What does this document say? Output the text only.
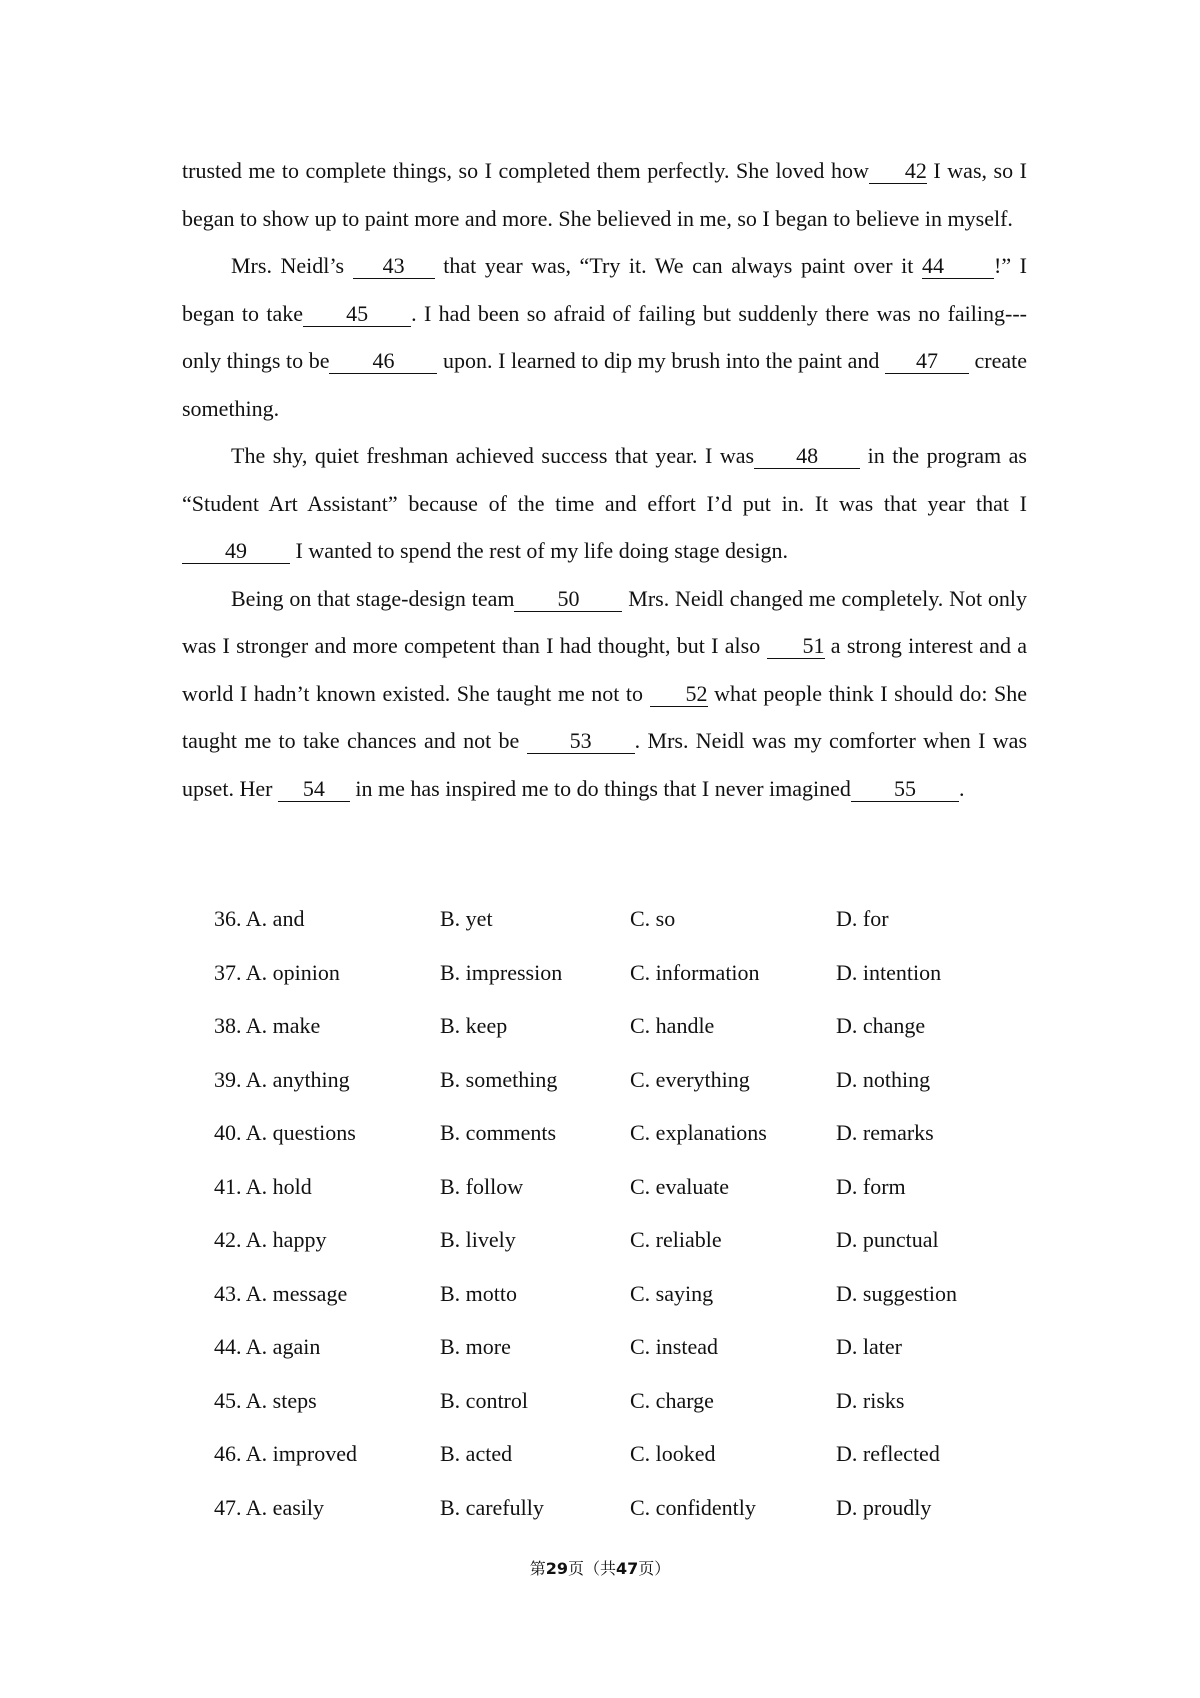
trusted me to complete things, so I completed them perfectly. She loved how 42 I was, so I began to show up to paint more and more. She believed in me, so I began to believe in myself.

Mrs. Neidl’s 43 that year was, “Try it. We can always paint over it 44 !” I began to take 45 . I had been so afraid of failing but suddenly there was no failing---only things to be 46 upon. I learned to dip my brush into the paint and 47 create something.

The shy, quiet freshman achieved success that year. I was 48 in the program as “Student Art Assistant” because of the time and effort I’d put in. It was that year that I49 I wanted to spend the rest of my life doing stage design.

Being on that stage-design team 50 Mrs. Neidl changed me completely. Not only was I stronger and more competent than I had thought, but I also 51 a strong interest and a world I hadn’t known existed. She taught me not to 52 what people think I should do: She taught me to take chances and not be 53 . Mrs. Neidl was my comforter when I was upset. Her 54 in me has inspired me to do things that I never imagined 55 .

36. A. and	B. yet	C. so	D. for
37. A. opinion	B. impression	C. information	D. intention
38. A. make	B. keep	C. handle	D. change
39. A. anything	B. something	C. everything	D. nothing
40. A. questions	B. comments	C. explanations	D. remarks
41. A. hold	B. follow	C. evaluate	D. form
42. A. happy	B. lively	C. reliable	D. punctual
43. A. message	B. motto	C. saying	D. suggestion
44. A. again	B. more	C. instead	D. later
45. A. steps	B. control	C. charge	D. risks
46. A. improved	B. acted	C. looked	D. reflected
47. A. easily	B. carefully	C. confidently	D. proudly
第29页（共47页）
